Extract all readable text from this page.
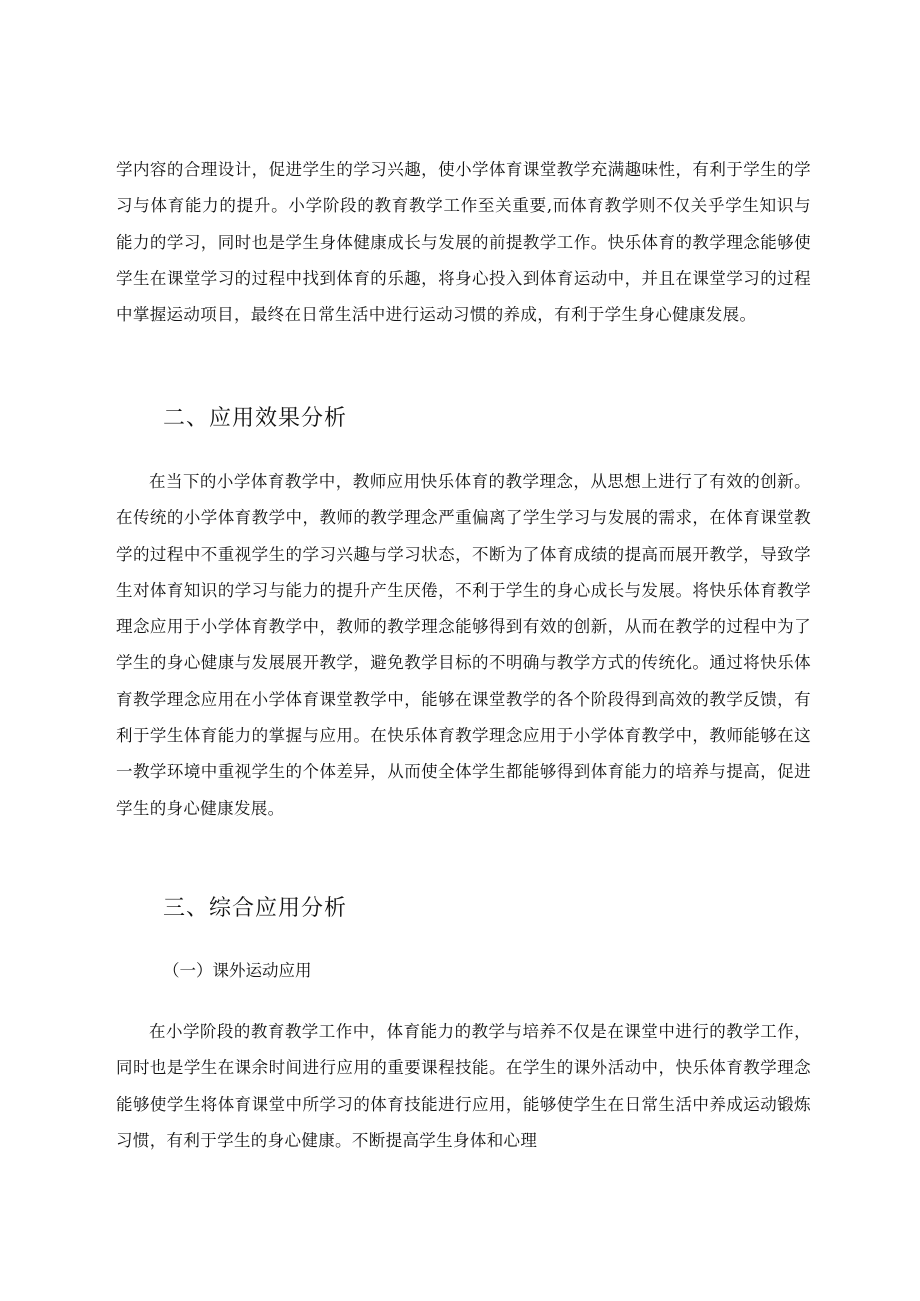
学内容的合理设计，促进学生的学习兴趣，使小学体育课堂教学充满趣味性，有利于学生的学习与体育能力的提升。小学阶段的教育教学工作至关重要,而体育教学则不仅关乎学生知识与能力的学习，同时也是学生身体健康成长与发展的前提教学工作。快乐体育的教学理念能够使学生在课堂学习的过程中找到体育的乐趣，将身心投入到体育运动中，并且在课堂学习的过程中掌握运动项目，最终在日常生活中进行运动习惯的养成，有利于学生身心健康发展。

二、应用效果分析

在当下的小学体育教学中，教师应用快乐体育的教学理念，从思想上进行了有效的创新。在传统的小学体育教学中，教师的教学理念严重偏离了学生学习与发展的需求，在体育课堂教学的过程中不重视学生的学习兴趣与学习状态，不断为了体育成绩的提高而展开教学，导致学生对体育知识的学习与能力的提升产生厌倦，不利于学生的身心成长与发展。将快乐体育教学理念应用于小学体育教学中，教师的教学理念能够得到有效的创新，从而在教学的过程中为了学生的身心健康与发展展开教学，避免教学目标的不明确与教学方式的传统化。通过将快乐体育教学理念应用在小学体育课堂教学中，能够在课堂教学的各个阶段得到高效的教学反馈，有利于学生体育能力的掌握与应用。在快乐体育教学理念应用于小学体育教学中，教师能够在这一教学环境中重视学生的个体差异，从而使全体学生都能够得到体育能力的培养与提高，促进学生的身心健康发展。

三、综合应用分析
（一）课外运动应用

在小学阶段的教育教学工作中，体育能力的教学与培养不仅是在课堂中进行的教学工作，同时也是学生在课余时间进行应用的重要课程技能。在学生的课外活动中，快乐体育教学理念能够使学生将体育课堂中所学习的体育技能进行应用，能够使学生在日常生活中养成运动锻炼习惯，有利于学生的身心健康。不断提高学生身体和心理
